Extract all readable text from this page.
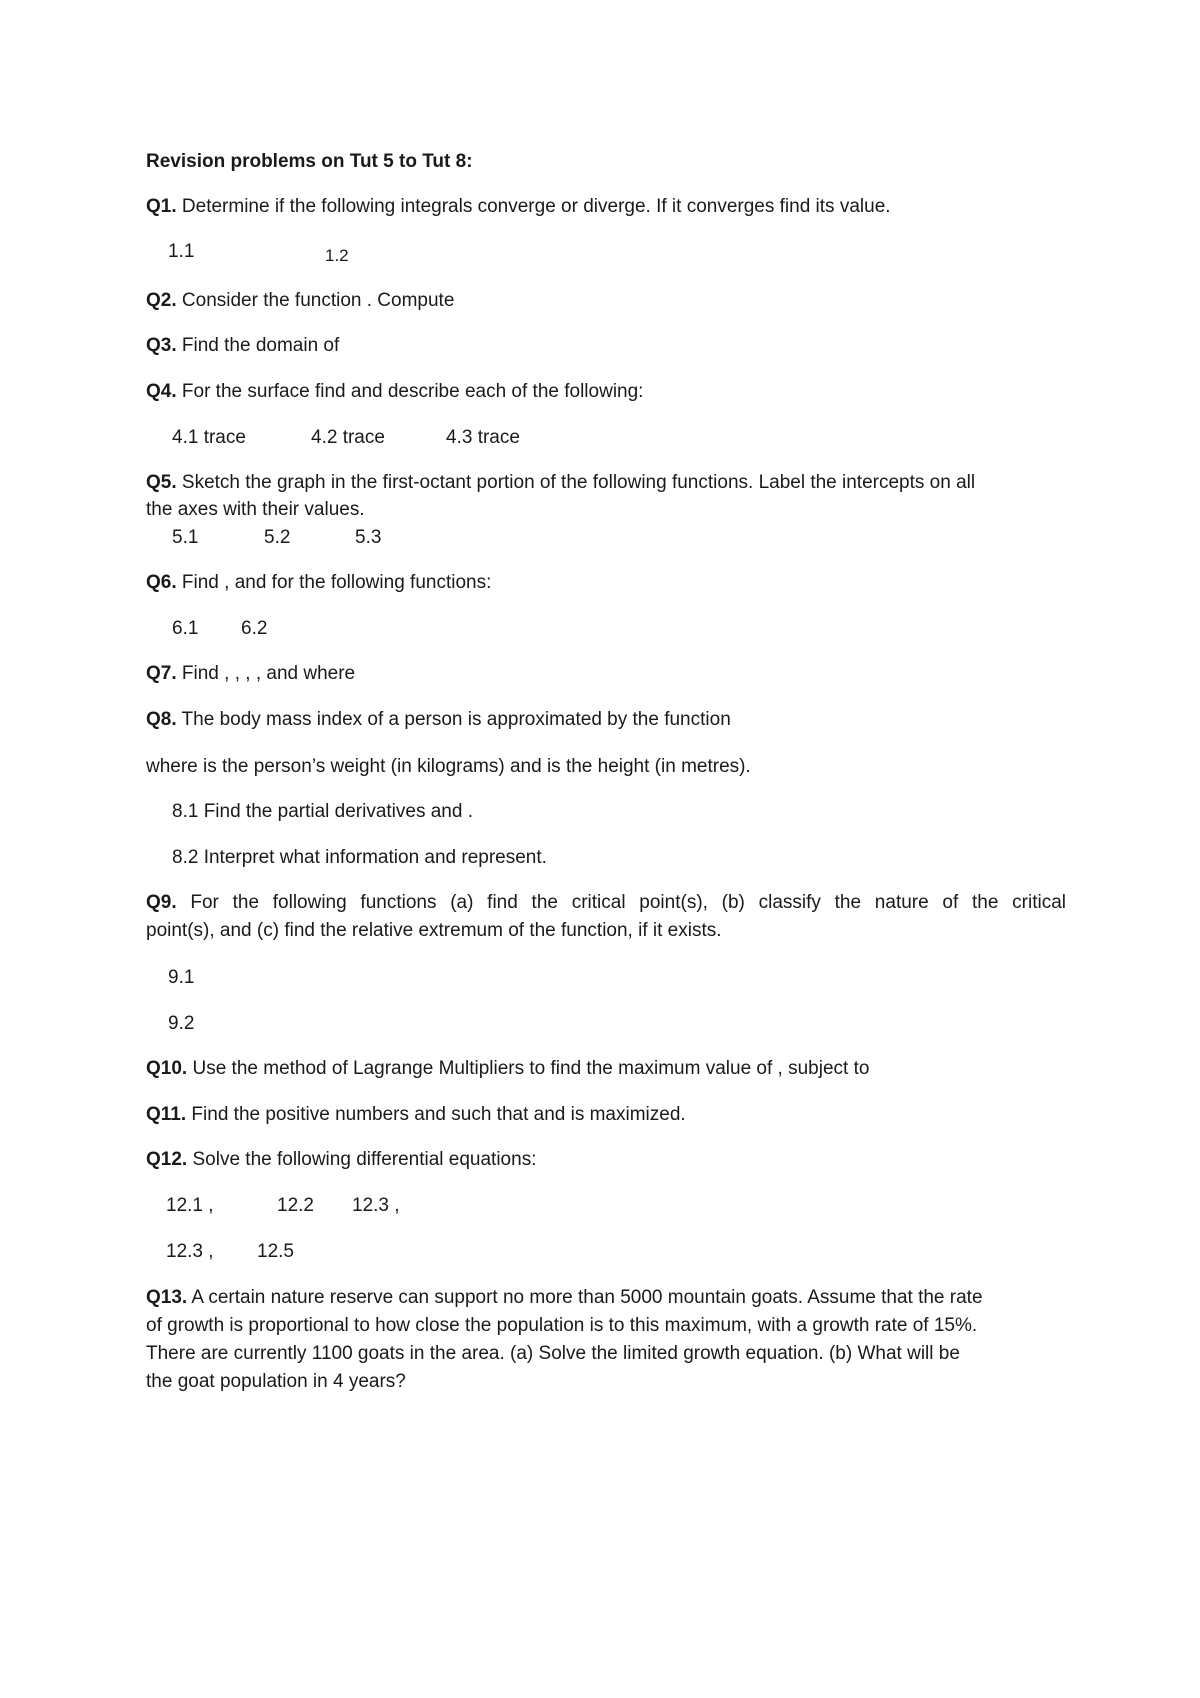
Revision problems on Tut 5 to Tut 8:
Q1. Determine if the following integrals converge or diverge. If it converges find its value.
1.1	1.2
Q2. Consider the function . Compute
Q3. Find the domain of
Q4. For the surface find and describe each of the following:
4.1 trace	4.2 trace	4.3 trace
Q5. Sketch the graph in the first-octant portion of the following functions. Label the intercepts on all
the axes with their values.
5.1	5.2	5.3
Q6. Find , and for the following functions:
6.1 6.2
Q7. Find , , , , and where
Q8. The body mass index of a person is approximated by the function
where is the person’s weight (in kilograms) and is the height (in metres).
8.1 Find the partial derivatives and .
8.2 Interpret what information and represent.
Q9. For the following functions (a) find the critical point(s), (b) classify the nature of the critical
point(s), and (c) find the relative extremum of the function, if it exists.
9.1
9.2
Q10. Use the method of Lagrange Multipliers to find the maximum value of , subject to
Q11. Find the positive numbers and such that and is maximized.
Q12. Solve the following differential equations:
12.1 ,	12.2 12.3 ,
12.3 , 12.5
Q13. A certain nature reserve can support no more than 5000 mountain goats. Assume that the rate
of growth is proportional to how close the population is to this maximum, with a growth rate of 15%.
There are currently 1100 goats in the area. (a) Solve the limited growth equation. (b) What will be
the goat population in 4 years?
